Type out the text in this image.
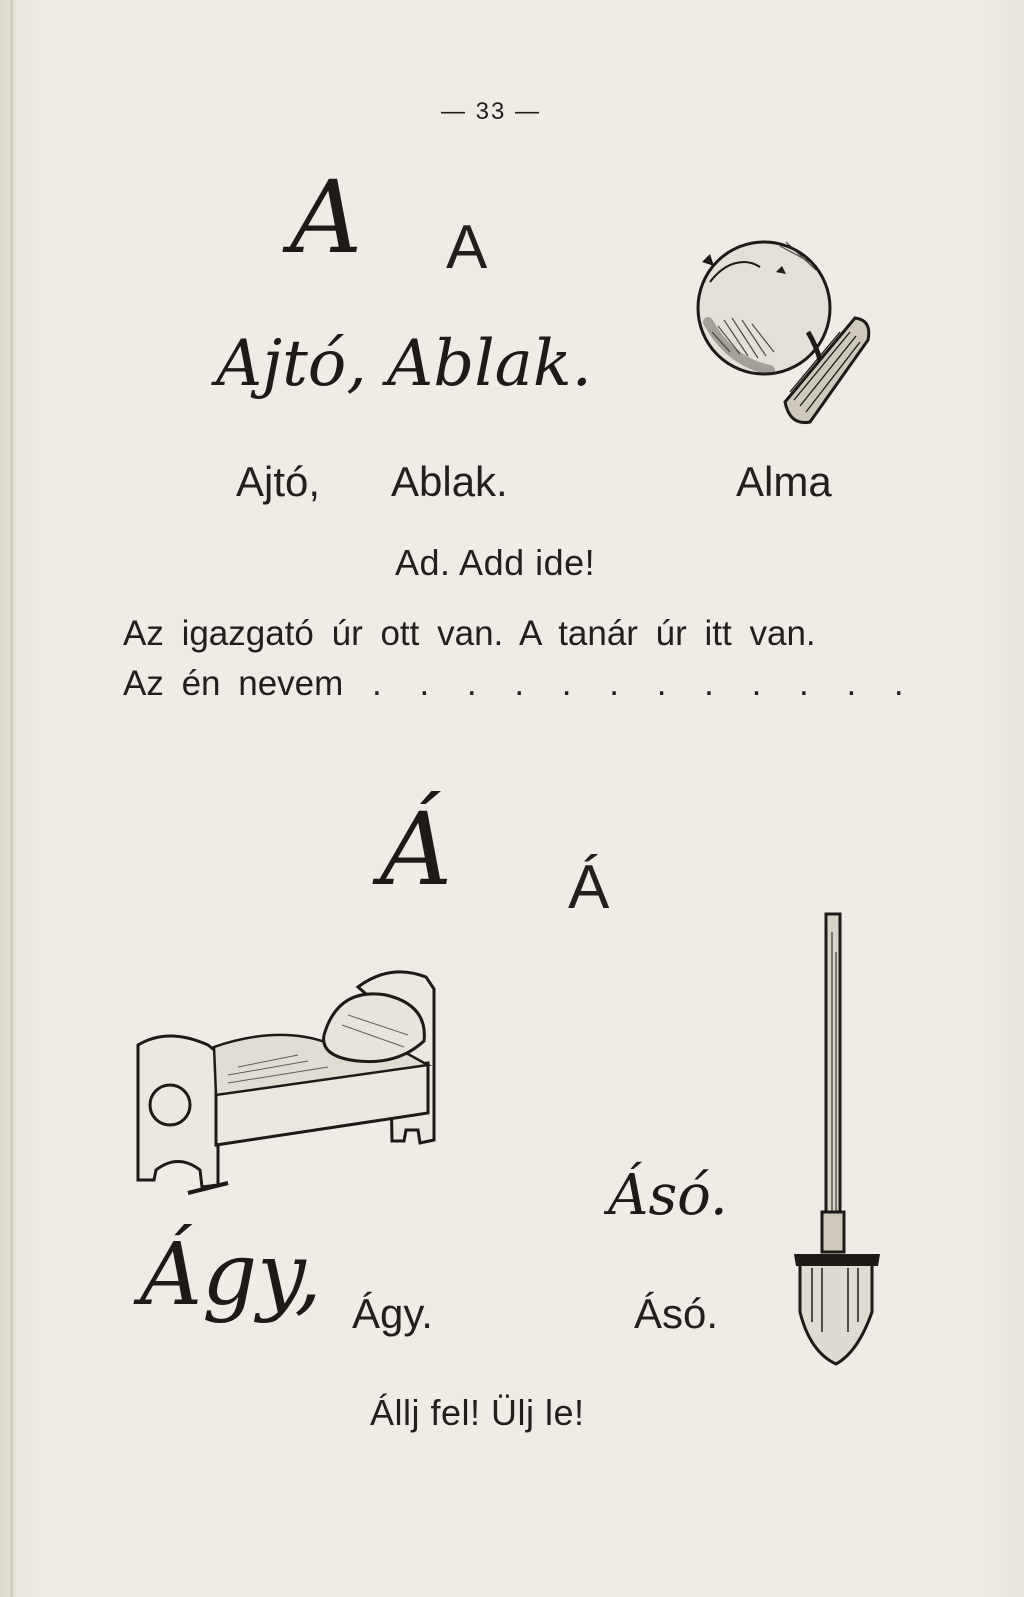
— 33 —
A A
Ajtó, Ablak.
Ajtó, Ablak.	Alma
Ad. Add ide!
Az igazgató úr ott van. A tanár úr itt van.
Az én nevem . . . . . . . . . . . .
Á Á
Ásó.
Ágy, Ágy.	Ásó.
Állj fel! Ülj le!
